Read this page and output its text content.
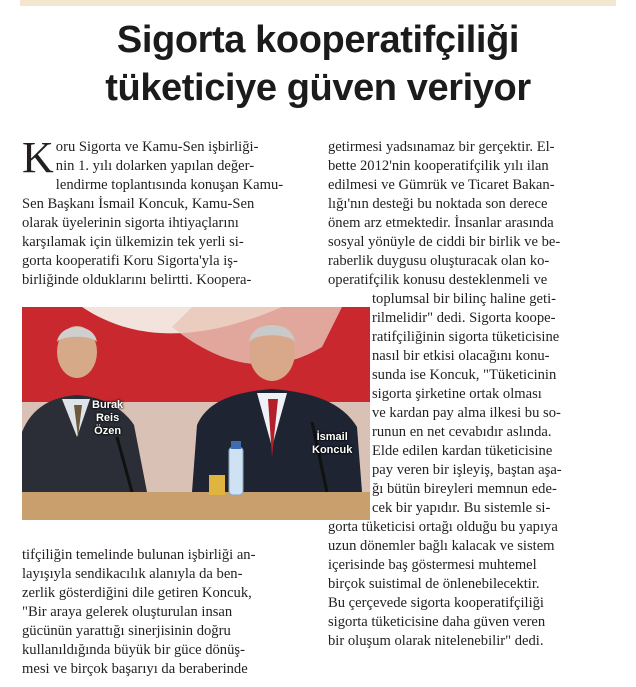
Sigorta kooperatifçiliği
tüketiciye güven veriyor
K oru Sigorta ve Kamu-Sen işbirliği-
nin 1. yılı dolarken yapılan değer-
lendirme toplantısında konuşan Kamu-
Sen Başkanı İsmail Koncuk, Kamu-Sen
olarak üyelerinin sigorta ihtiyaçlarını
karşılamak için ülkemizin tek yerli si-
gorta kooperatifi Koru Sigorta'yla iş-
birliğinde olduklarını belirtti. Koopera-
Burak
Reis
Özen	İsmail
Koncuk
tifçiliğin temelinde bulunan işbirliği an-
layışıyla sendikacılık alanıyla da ben-
zerlik gösterdiğini dile getiren Koncuk,
"Bir araya gelerek oluşturulan insan
gücünün yarattığı sinerjisinin doğru
kullanıldığında büyük bir güce dönüş-
mesi ve birçok başarıyı da beraberinde
getirmesi yadsınamaz bir gerçektir. El-
bette 2012'nin kooperatifçilik yılı ilan
edilmesi ve Gümrük ve Ticaret Bakan-
lığı'nın desteği bu noktada son derece
önem arz etmektedir. İnsanlar arasında
sosyal yönüyle de ciddi bir birlik ve be-
raberlik duygusu oluşturacak olan ko-
operatifçilik konusu desteklenmeli ve
toplumsal bir bilinç haline geti-
rilmelidir" dedi. Sigorta koope-
ratifçiliğinin sigorta tüketicisine
nasıl bir etkisi olacağını konu-
sunda ise Koncuk, "Tüketicinin
sigorta şirketine ortak olması
ve kardan pay alma ilkesi bu so-
runun en net cevabıdır aslında.
Elde edilen kardan tüketicisine
pay veren bir işleyiş, baştan aşa-
ğı bütün bireyleri memnun ede-
cek bir yapıdır. Bu sistemle si-
gorta tüketicisi ortağı olduğu bu yapıya
uzun dönemler bağlı kalacak ve sistem
içerisinde baş göstermesi muhtemel
birçok suistimal de önlenebilecektir.
Bu çerçevede sigorta kooperatifçiliği
sigorta tüketicisine daha güven veren
bir oluşum olarak nitelenebilir" dedi.
